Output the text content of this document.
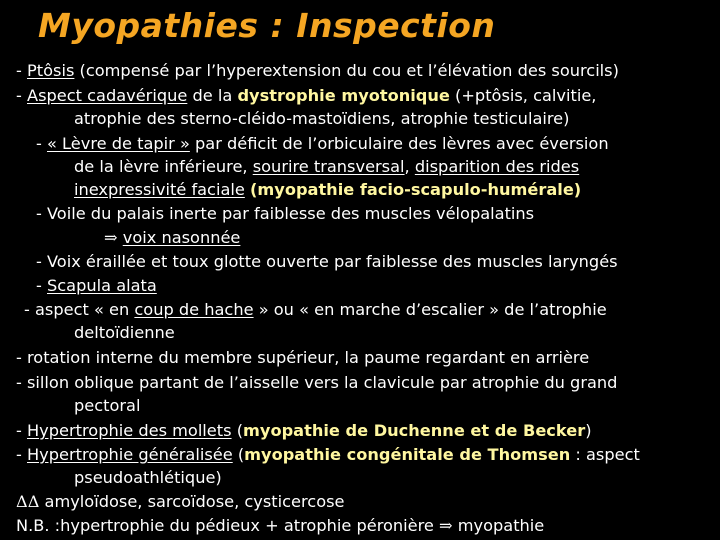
Myopathies : Inspection
- Ptôsis (compensé par l’hyperextension du cou et l’élévation des sourcils)
- Aspect cadavérique de la dystrophie myotonique (+ptôsis, calvitie,
atrophie des sterno-cléido-mastoïdiens, atrophie testiculaire)
- « Lèvre de tapir » par déficit de l’orbiculaire des lèvres avec éversion
de la lèvre inférieure, sourire transversal, disparition des rides
inexpressivité faciale (myopathie facio-scapulo-humérale)
- Voile du palais inerte par faiblesse des muscles vélopalatins
⇒ voix nasonnée
- Voix éraillée et toux glotte ouverte par faiblesse des muscles laryngés
- Scapula alata
- aspect « en coup de hache » ou « en marche d’escalier » de l’atrophie
deltoïdienne
- rotation interne du membre supérieur, la paume regardant en arrière
- sillon oblique partant de l’aisselle vers la clavicule par atrophie du grand
pectoral
- Hypertrophie des mollets (myopathie de Duchenne et de Becker)
- Hypertrophie généralisée (myopathie congénitale de Thomsen : aspect
pseudoathlétique)
ΔΔ amyloïdose, sarcoïdose, cysticercose
N.B. :hypertrophie du pédieux + atrophie péronière ⇒ myopathie
